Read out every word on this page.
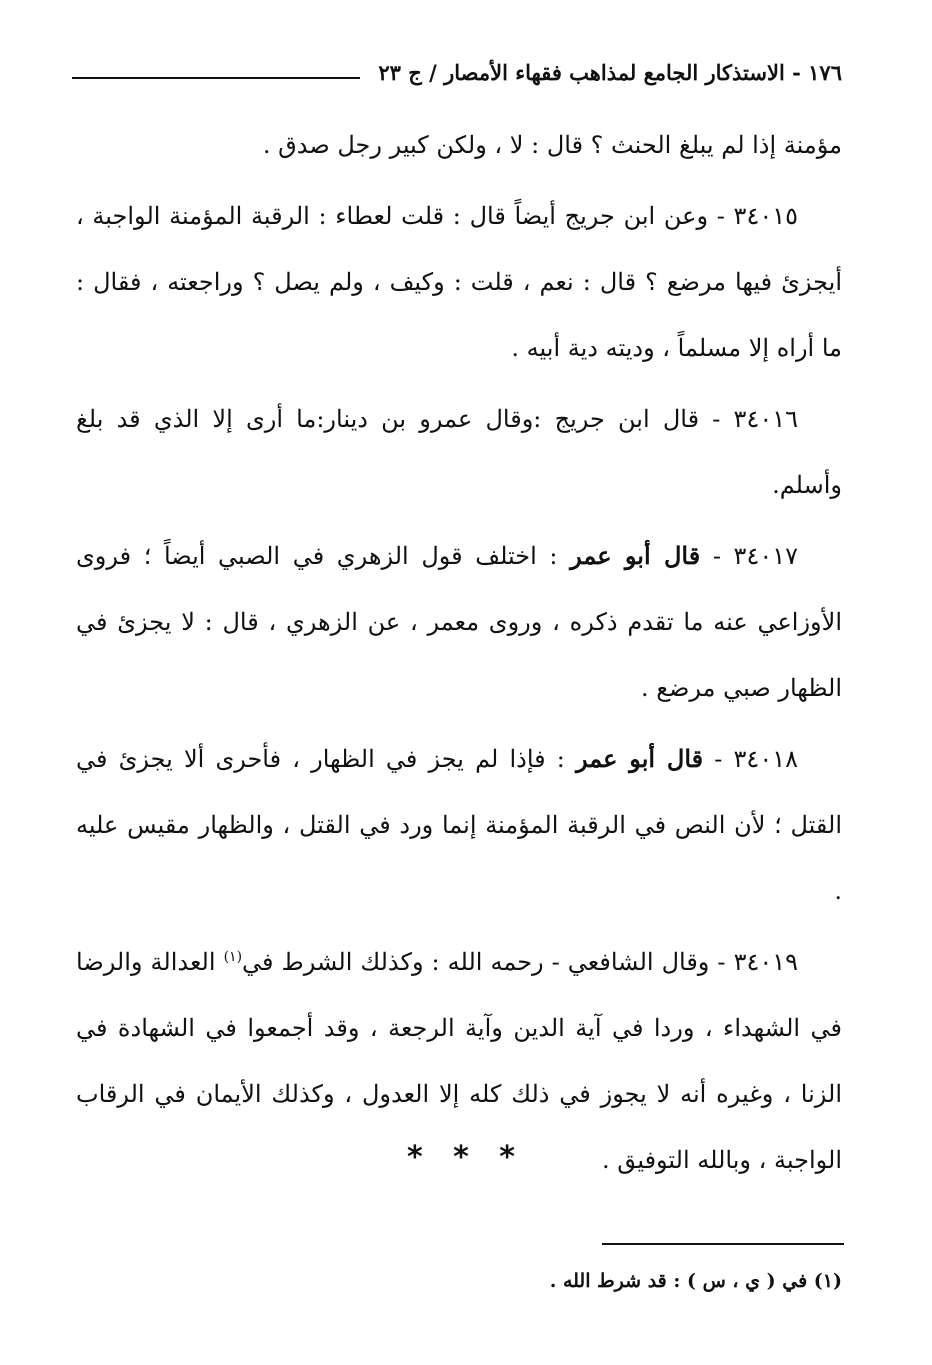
١٧٦ - الاستذكار الجامع لمذاهب فقهاء الأمصار / ج ٢٣

مؤمنة إذا لم يبلغ الحنث ؟ قال : لا ، ولكن كبير رجل صدق .

٣٤٠١٥ - وعن ابن جريج أيضاً قال : قلت لعطاء : الرقبة المؤمنة الواجبة ، أيجزئ فيها مرضع ؟ قال : نعم ، قلت : وكيف ، ولم يصل ؟ وراجعته ، فقال : ما أراه إلا مسلماً ، وديته دية أبيه .

٣٤٠١٦ - قال ابن جريج :وقال عمرو بن دينار:ما أرى إلا الذي قد بلغ وأسلم.

٣٤٠١٧ - قال أبو عمر : اختلف قول الزهري في الصبي أيضاً ؛ فروى الأوزاعي عنه ما تقدم ذكره ، وروى معمر ، عن الزهري ، قال : لا يجزئ في الظهار صبي مرضع .

٣٤٠١٨ - قال أبو عمر : فإذا لم يجز في الظهار ، فأحرى ألا يجزئ في القتل ؛ لأن النص في الرقبة المؤمنة إنما ورد في القتل ، والظهار مقيس عليه .

٣٤٠١٩ - وقال الشافعي - رحمه الله : وكذلك الشرط في$^{(١)}$ العدالة والرضا في الشهداء ، وردا في آية الدين وآية الرجعة ، وقد أجمعوا في الشهادة في الزنا ، وغيره أنه لا يجوز في ذلك كله إلا العدول ، وكذلك الأيمان في الرقاب الواجبة ، وبالله التوفيق .

* * *
(١) في ( ي ، س ) : قد شرط الله .
